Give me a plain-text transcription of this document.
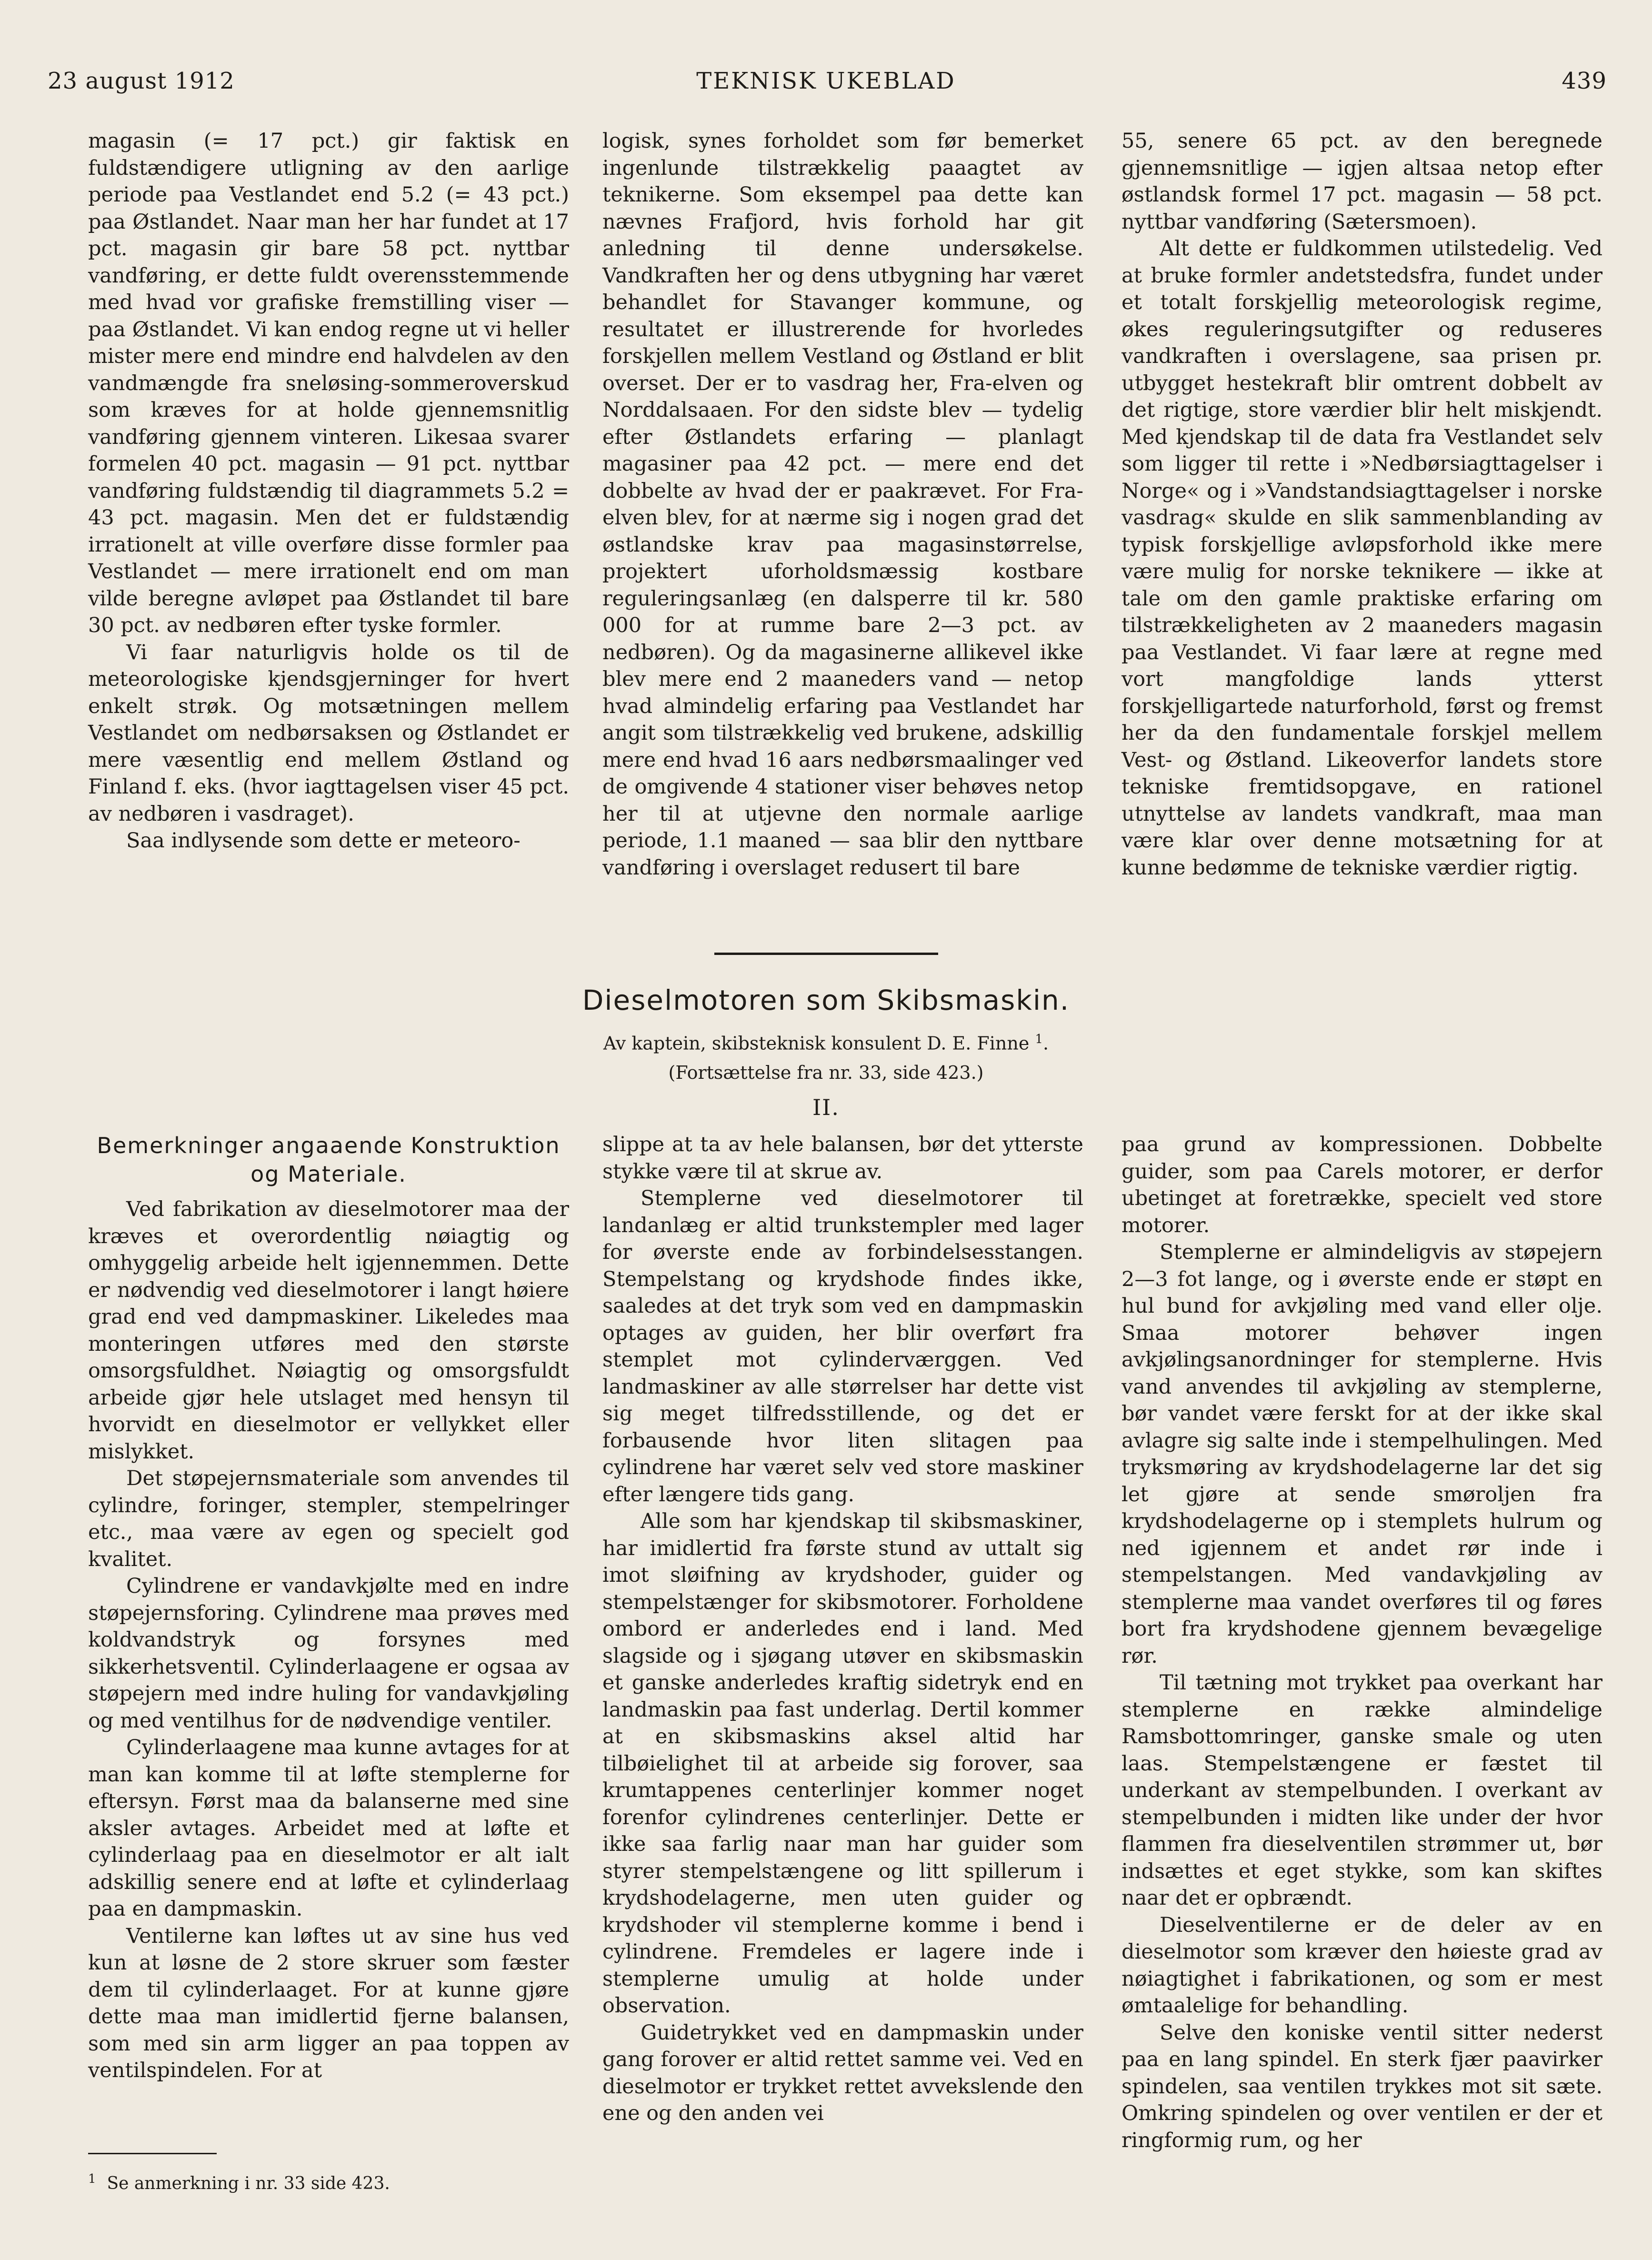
23 august 1912	TEKNISK UKEBLAD	439

magasin (= 17 pct.) gir faktisk en fuldstændigere utligning av den aarlige periode paa Vestlandet end 5.2 (= 43 pct.) paa Østlandet. Naar man her har fundet at 17 pct. magasin gir bare 58 pct. nyttbar vandføring, er dette fuldt overensstemmende med hvad vor grafiske fremstilling viser — paa Østlandet. Vi kan endog regne ut vi heller mister mere end mindre end halvdelen av den vandmængde fra sneløsing-sommeroverskud som kræves for at holde gjennemsnitlig vandføring gjennem vinteren. Likesaa svarer formelen 40 pct. magasin — 91 pct. nyttbar vandføring fuldstændig til diagrammets 5.2 = 43 pct. magasin. Men det er fuldstændig irrationelt at ville overføre disse formler paa Vestlandet — mere irrationelt end om man vilde beregne avløpet paa Østlandet til bare 30 pct. av nedbøren efter tyske formler.

Vi faar naturligvis holde os til de meteorologiske kjendsgjerninger for hvert enkelt strøk. Og motsætningen mellem Vestlandet om nedbørsaksen og Østlandet er mere væsentlig end mellem Østland og Finland f. eks. (hvor iagttagelsen viser 45 pct. av nedbøren i vasdraget).

Saa indlysende som dette er meteoro-

logisk, synes forholdet som før bemerket ingenlunde tilstrækkelig paaagtet av teknikerne. Som eksempel paa dette kan nævnes Frafjord, hvis forhold har git anledning til denne undersøkelse. Vandkraften her og dens utbygning har været behandlet for Stavanger kommune, og resultatet er illustrerende for hvorledes forskjellen mellem Vestland og Østland er blit overset. Der er to vasdrag her, Fra-elven og Norddalsaaen. For den sidste blev — tydelig efter Østlandets erfaring — planlagt magasiner paa 42 pct. — mere end det dobbelte av hvad der er paakrævet. For Fra-elven blev, for at nærme sig i nogen grad det østlandske krav paa magasinstørrelse, projektert uforholdsmæssig kostbare reguleringsanlæg (en dalsperre til kr. 580 000 for at rumme bare 2—3 pct. av nedbøren). Og da magasinerne allikevel ikke blev mere end 2 maaneders vand — netop hvad almindelig erfaring paa Vestlandet har angit som tilstrækkelig ved brukene, adskillig mere end hvad 16 aars nedbørsmaalinger ved de omgivende 4 stationer viser behøves netop her til at utjevne den normale aarlige periode, 1.1 maaned — saa blir den nyttbare vandføring i overslaget redusert til bare

55, senere 65 pct. av den beregnede gjennemsnitlige — igjen altsaa netop efter østlandsk formel 17 pct. magasin — 58 pct. nyttbar vandføring (Sætersmoen).

Alt dette er fuldkommen utilstedelig. Ved at bruke formler andetstedsfra, fundet under et totalt forskjellig meteorologisk regime, økes reguleringsutgifter og reduseres vandkraften i overslagene, saa prisen pr. utbygget hestekraft blir omtrent dobbelt av det rigtige, store værdier blir helt miskjendt. Med kjendskap til de data fra Vestlandet selv som ligger til rette i »Nedbørsiagttagelser i Norge« og i »Vandstandsiagttagelser i norske vasdrag« skulde en slik sammenblanding av typisk forskjellige avløpsforhold ikke mere være mulig for norske teknikere — ikke at tale om den gamle praktiske erfaring om tilstrækkeligheten av 2 maaneders magasin paa Vestlandet. Vi faar lære at regne med vort mangfoldige lands ytterst forskjelligartede naturforhold, først og fremst her da den fundamentale forskjel mellem Vest- og Østland. Likeoverfor landets store tekniske fremtidsopgave, en rationel utnyttelse av landets vandkraft, maa man være klar over denne motsætning for at kunne bedømme de tekniske værdier rigtig.

Dieselmotoren som Skibsmaskin.
Av kaptein, skibsteknisk konsulent D. E. Finne $^1$.
(Fortsættelse fra nr. 33, side 423.)
II.
Bemerkninger angaaende Konstruktion og Materiale.

Ved fabrikation av dieselmotorer maa der kræves et overordentlig nøiagtig og omhyggelig arbeide helt igjennemmen. Dette er nødvendig ved dieselmotorer i langt høiere grad end ved dampmaskiner. Likeledes maa monteringen utføres med den største omsorgsfuldhet. Nøiagtig og omsorgsfuldt arbeide gjør hele utslaget med hensyn til hvorvidt en dieselmotor er vellykket eller mislykket.

Det støpejernsmateriale som anvendes til cylindre, foringer, stempler, stempelringer etc., maa være av egen og specielt god kvalitet.

Cylindrene er vandavkjølte med en indre støpejernsforing. Cylindrene maa prøves med koldvandstryk og forsynes med sikkerhetsventil. Cylinderlaagene er ogsaa av støpejern med indre huling for vandavkjøling og med ventilhus for de nødvendige ventiler.

Cylinderlaagene maa kunne avtages for at man kan komme til at løfte stemplerne for eftersyn. Først maa da balanserne med sine aksler avtages. Arbeidet med at løfte et cylinderlaag paa en dieselmotor er alt ialt adskillig senere end at løfte et cylinderlaag paa en dampmaskin.

Ventilerne kan løftes ut av sine hus ved kun at løsne de 2 store skruer som fæster dem til cylinderlaaget. For at kunne gjøre dette maa man imidlertid fjerne balansen, som med sin arm ligger an paa toppen av ventilspindelen. For at

slippe at ta av hele balansen, bør det ytterste stykke være til at skrue av.

Stemplerne ved dieselmotorer til landanlæg er altid trunkstempler med lager for øverste ende av forbindelsesstangen. Stempelstang og krydshode findes ikke, saaledes at det tryk som ved en dampmaskin optages av guiden, her blir overført fra stemplet mot cylinderværggen. Ved landmaskiner av alle størrelser har dette vist sig meget tilfredsstillende, og det er forbausende hvor liten slitagen paa cylindrene har været selv ved store maskiner efter længere tids gang.

Alle som har kjendskap til skibsmaskiner, har imidlertid fra første stund av uttalt sig imot sløifning av krydshoder, guider og stempelstænger for skibsmotorer. Forholdene ombord er anderledes end i land. Med slagside og i sjøgang utøver en skibsmaskin et ganske anderledes kraftig sidetryk end en landmaskin paa fast underlag. Dertil kommer at en skibsmaskins aksel altid har tilbøielighet til at arbeide sig forover, saa krumtappenes centerlinjer kommer noget forenfor cylindrenes centerlinjer. Dette er ikke saa farlig naar man har guider som styrer stempelstængene og litt spillerum i krydshodelagerne, men uten guider og krydshoder vil stemplerne komme i bend i cylindrene. Fremdeles er lagere inde i stemplerne umulig at holde under observation.

Guidetrykket ved en dampmaskin under gang forover er altid rettet samme vei. Ved en dieselmotor er trykket rettet avvekslende den ene og den anden vei

paa grund av kompressionen. Dobbelte guider, som paa Carels motorer, er derfor ubetinget at foretrække, specielt ved store motorer.

Stemplerne er almindeligvis av støpejern 2—3 fot lange, og i øverste ende er støpt en hul bund for avkjøling med vand eller olje. Smaa motorer behøver ingen avkjølingsanordninger for stemplerne. Hvis vand anvendes til avkjøling av stemplerne, bør vandet være ferskt for at der ikke skal avlagre sig salte inde i stempelhulingen. Med tryksmøring av krydshodelagerne lar det sig let gjøre at sende smøroljen fra krydshodelagerne op i stemplets hulrum og ned igjennem et andet rør inde i stempelstangen. Med vandavkjøling av stemplerne maa vandet overføres til og føres bort fra krydshodene gjennem bevægelige rør.

Til tætning mot trykket paa overkant har stemplerne en række almindelige Ramsbottomringer, ganske smale og uten laas. Stempelstængene er fæstet til underkant av stempelbunden. I overkant av stempelbunden i midten like under der hvor flammen fra dieselventilen strømmer ut, bør indsættes et eget stykke, som kan skiftes naar det er opbrændt.

Dieselventilerne er de deler av en dieselmotor som kræver den høieste grad av nøiagtighet i fabrikationen, og som er mest ømtaalelige for behandling.

Selve den koniske ventil sitter nederst paa en lang spindel. En sterk fjær paavirker spindelen, saa ventilen trykkes mot sit sæte. Omkring spindelen og over ventilen er der et ringformig rum, og her

$^1$ Se anmerkning i nr. 33 side 423.
